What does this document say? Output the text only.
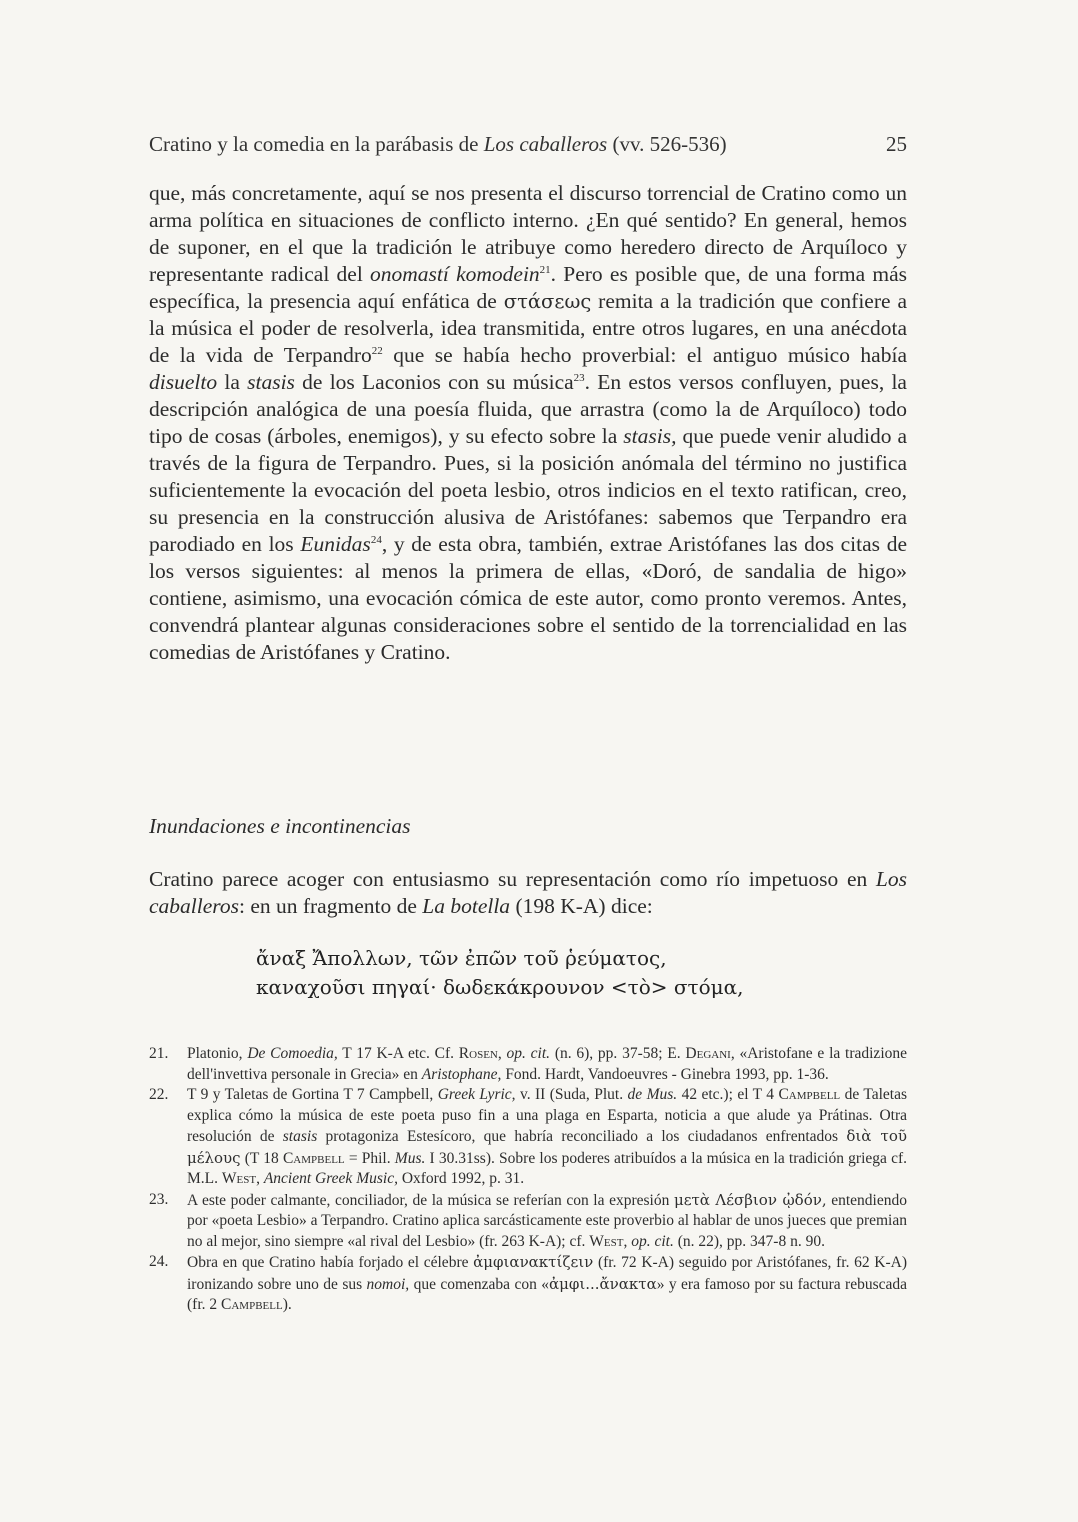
Cratino y la comedia en la parábasis de Los caballeros (vv. 526-536)	25

que, más concretamente, aquí se nos presenta el discurso torrencial de Cratino como un arma política en situaciones de conflicto interno. ¿En qué sentido? En general, hemos de suponer, en el que la tradición le atribuye como heredero directo de Arquíloco y representante radical del onomastí komodein$^{21}$. Pero es posible que, de una forma más específica, la presencia aquí enfática de στάσεως remita a la tradición que confiere a la música el poder de resolverla, idea transmitida, entre otros lugares, en una anécdota de la vida de Terpandro$^{22}$ que se había hecho proverbial: el antiguo músico había disuelto la stasis de los Laconios con su música$^{23}$. En estos versos confluyen, pues, la descripción analógica de una poesía fluida, que arrastra (como la de Arquíloco) todo tipo de cosas (árboles, enemigos), y su efecto sobre la stasis, que puede venir aludido a través de la figura de Terpandro. Pues, si la posición anómala del término no justifica suficientemente la evocación del poeta lesbio, otros indicios en el texto ratifican, creo, su presencia en la construcción alusiva de Aristófanes: sabemos que Terpandro era parodiado en los Eunidas$^{24}$, y de esta obra, también, extrae Aristófanes las dos citas de los versos siguientes: al menos la primera de ellas, «Doró, de sandalia de higo» contiene, asimismo, una evocación cómica de este autor, como pronto veremos. Antes, convendrá plantear algunas consideraciones sobre el sentido de la torrencialidad en las comedias de Aristófanes y Cratino.

Inundaciones e incontinencias
Cratino parece acoger con entusiasmo su representación como río impetuoso en Los caballeros: en un fragmento de La botella (198 K-A) dice:
ἄναξ Ἄπολλων, τῶν ἐπῶν τοῦ ῥεύματος,
καναχοῦσι πηγαί· δωδεκάκρουνον <τὸ> στόμα,
21.	Platonio, De Comoedia, T 17 K-A etc. Cf. Rosen, op. cit. (n. 6), pp. 37-58; E. Degani, «Aristofane e la tradizione dell'invettiva personale in Grecia» en Aristophane, Fond. Hardt, Vandoeuvres - Ginebra 1993, pp. 1-36.
22.	T 9 y Taletas de Gortina T 7 Campbell, Greek Lyric, v. II (Suda, Plut. de Mus. 42 etc.); el T 4 Campbell de Taletas explica cómo la música de este poeta puso fin a una plaga en Esparta, noticia a que alude ya Prátinas. Otra resolución de stasis protagoniza Estesícoro, que habría reconciliado a los ciudadanos enfrentados διὰ τοῦ μέλους (T 18 Campbell = Phil. Mus. I 30.31ss). Sobre los poderes atribuídos a la música en la tradición griega cf. M.L. West, Ancient Greek Music, Oxford 1992, p. 31.
23.	A este poder calmante, conciliador, de la música se referían con la expresión μετὰ Λέσβιον ᾠδόν, entendiendo por «poeta Lesbio» a Terpandro. Cratino aplica sarcásticamente este proverbio al hablar de unos jueces que premian no al mejor, sino siempre «al rival del Lesbio» (fr. 263 K-A); cf. West, op. cit. (n. 22), pp. 347-8 n. 90.
24.	Obra en que Cratino había forjado el célebre ἀμφιανακτίζειν (fr. 72 K-A) seguido por Aristófanes, fr. 62 K-A) ironizando sobre uno de sus nomoi, que comenzaba con «ἀμφι...ἄνακτα» y era famoso por su factura rebuscada (fr. 2 Campbell).
